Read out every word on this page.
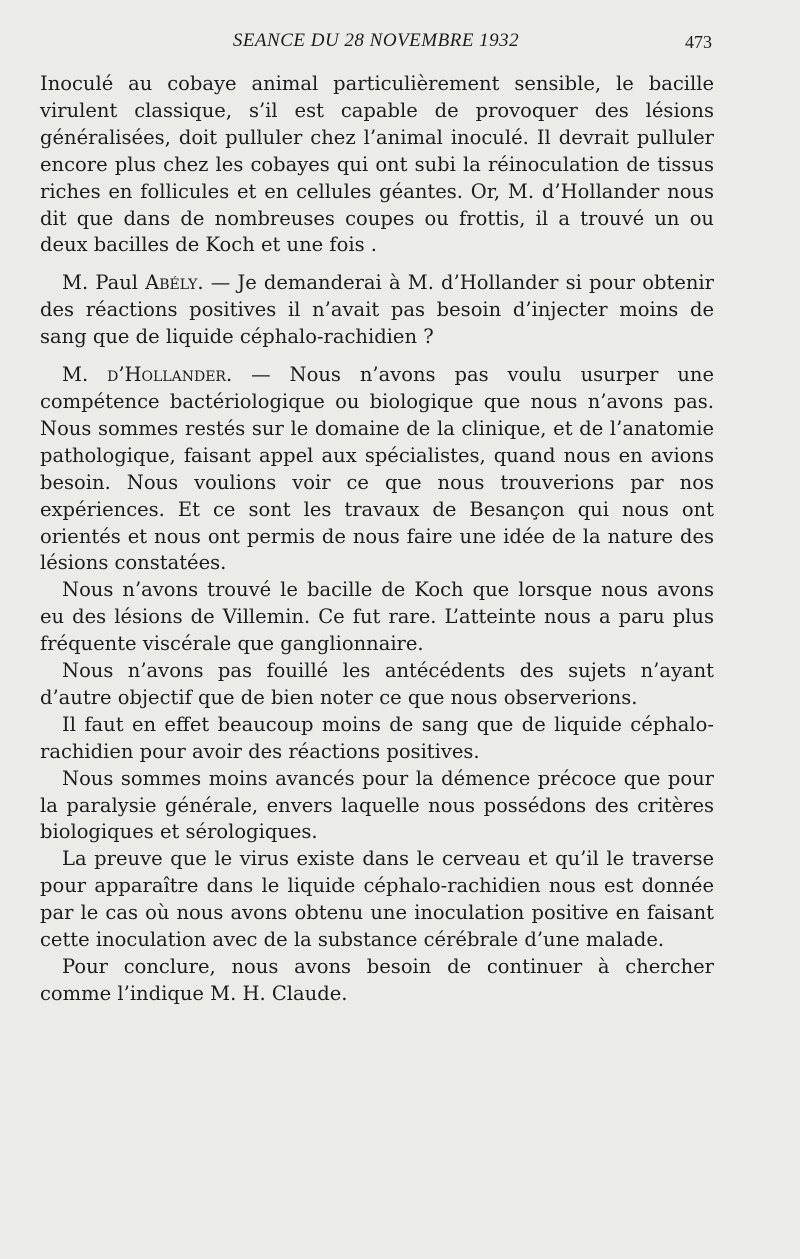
SEANCE DU 28 NOVEMBRE 1932	473

Inoculé au cobaye animal particulièrement sensible, le bacille virulent classique, s’il est capable de provoquer des lésions généralisées, doit pulluler chez l’animal inoculé. Il devrait pulluler encore plus chez les cobayes qui ont subi la réinoculation de tissus riches en follicules et en cellules géantes. Or, M. d’Hollander nous dit que dans de nombreuses coupes ou frottis, il a trouvé un ou deux bacilles de Koch et une fois .

M. Paul Abély. — Je demanderai à M. d’Hollander si pour obtenir des réactions positives il n’avait pas besoin d’injecter moins de sang que de liquide céphalo-rachidien ?

M. d’Hollander. — Nous n’avons pas voulu usurper une compétence bactériologique ou biologique que nous n’avons pas. Nous sommes restés sur le domaine de la clinique, et de l’anatomie pathologique, faisant appel aux spécialistes, quand nous en avions besoin. Nous voulions voir ce que nous trouverions par nos expériences. Et ce sont les travaux de Besançon qui nous ont orientés et nous ont permis de nous faire une idée de la nature des lésions constatées.

Nous n’avons trouvé le bacille de Koch que lorsque nous avons eu des lésions de Villemin. Ce fut rare. L’atteinte nous a paru plus fréquente viscérale que ganglionnaire.

Nous n’avons pas fouillé les antécédents des sujets n’ayant d’autre objectif que de bien noter ce que nous observerions.

Il faut en effet beaucoup moins de sang que de liquide céphalo-rachidien pour avoir des réactions positives.

Nous sommes moins avancés pour la démence précoce que pour la paralysie générale, envers laquelle nous possédons des critères biologiques et sérologiques.

La preuve que le virus existe dans le cerveau et qu’il le traverse pour apparaître dans le liquide céphalo-rachidien nous est donnée par le cas où nous avons obtenu une inoculation positive en faisant cette inoculation avec de la substance cérébrale d’une malade.

Pour conclure, nous avons besoin de continuer à chercher comme l’indique M. H. Claude.
